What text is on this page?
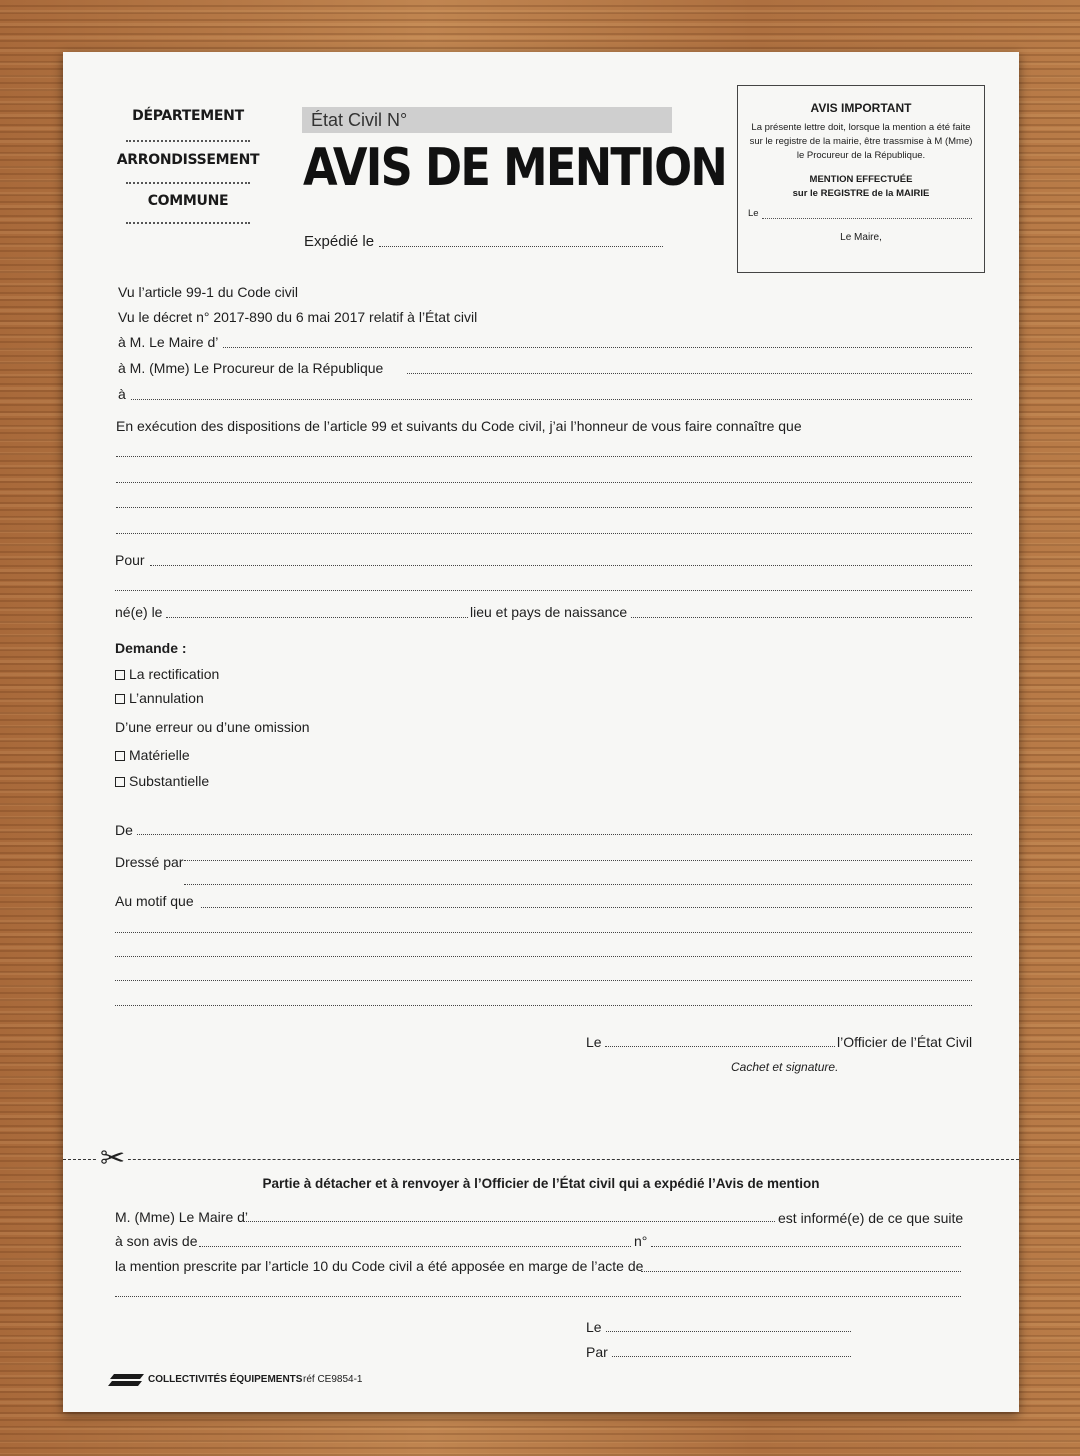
DÉPARTEMENT
ARRONDISSEMENT
COMMUNE
État Civil N°
AVIS DE MENTION
Expédié le
AVIS IMPORTANT
La présente lettre doit, lorsque la mention a été faite sur le registre de la mairie, être trassmise à M (Mme) le Procureur de la République.
MENTION EFFECTUÉE
sur le REGISTRE de la MAIRIE
Le
Le Maire,
Vu l’article 99-1 du Code civil
Vu le décret n° 2017-890 du 6 mai 2017 relatif à l’État civil
à M. Le Maire d’
à M. (Mme) Le Procureur de la République
à
En exécution des dispositions de l’article 99 et suivants du Code civil, j’ai l’honneur de vous faire connaître que
Pour
né(e) le	lieu et pays de naissance
Demande :
La rectification
L’annulation
D’une erreur ou d’une omission
Matérielle
Substantielle
De
Dressé par
Au motif que
Le	l’Officier de l’État Civil
Cachet et signature.
✂
Partie à détacher et à renvoyer à l’Officier de l’État civil qui a expédié l’Avis de mention
M. (Mme) Le Maire d’	est informé(e) de ce que suite
à son avis de	n°
la mention prescrite par l’article 10 du Code civil a été apposée en marge de l’acte de
Le
Par
COLLECTIVITÉS ÉQUIPEMENTS réf CE9854-1
